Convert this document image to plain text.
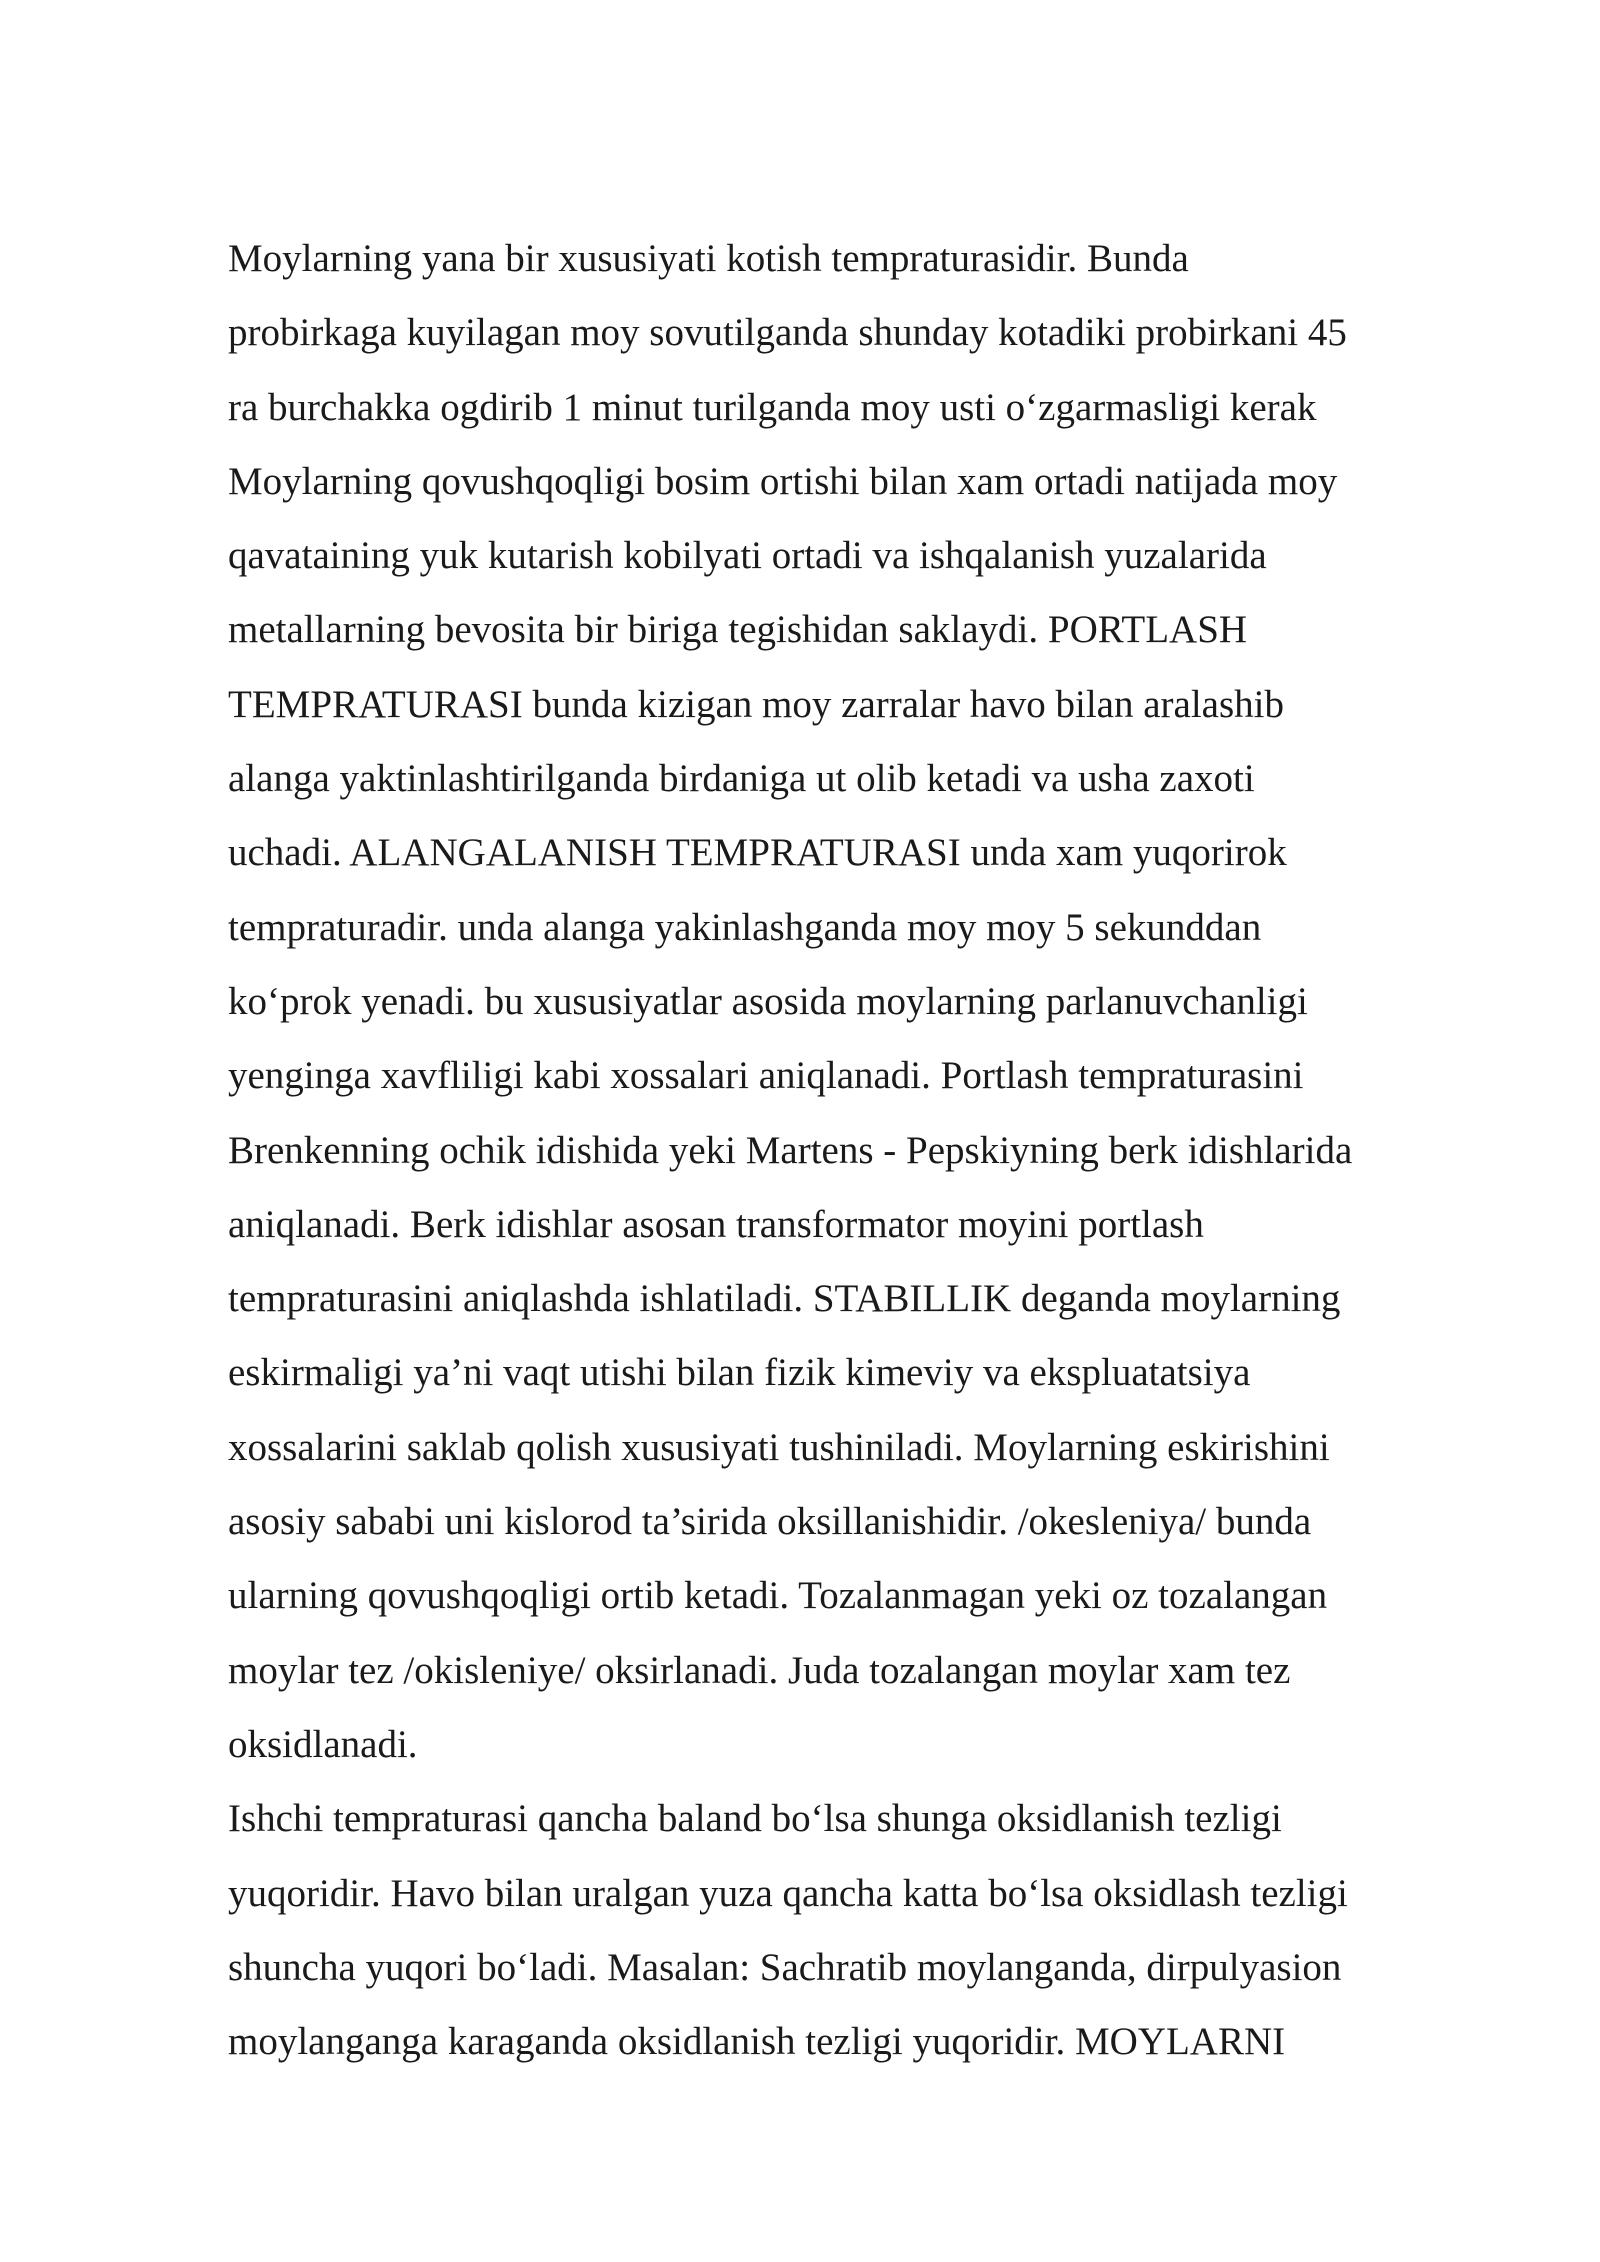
Moylarning yana bir xususiyati kotish tempraturasidir. Bunda
probirkaga kuyilagan moy sovutilganda shunday kotadiki probirkani 45
ra burchakka ogdirib 1 minut turilganda moy usti o‘zgarmasligi kerak
Moylarning qovushqoqligi bosim ortishi bilan xam ortadi natijada moy
qavataining yuk kutarish kobilyati ortadi va ishqalanish yuzalarida
metallarning bevosita bir biriga tegishidan saklaydi. PORTLASH
TEMPRATURASI bunda kizigan moy zarralar havo bilan aralashib
alanga yaktinlashtirilganda birdaniga ut olib ketadi va usha zaxoti
uchadi. ALANGALANISH TEMPRATURASI unda xam yuqorirok
tempraturadir. unda alanga yakinlashganda moy moy 5 sekunddan
ko‘prok yenadi. bu xususiyatlar asosida moylarning parlanuvchanligi
yenginga xavfliligi kabi xossalari aniqlanadi. Portlash tempraturasini
Brenkenning ochik idishida yeki Martens - Pepskiyning berk idishlarida
aniqlanadi. Berk idishlar asosan transformator moyini portlash
tempraturasini aniqlashda ishlatiladi. STABILLIK deganda moylarning
eskirmaligi ya’ni vaqt utishi bilan fizik kimeviy va ekspluatatsiya
xossalarini saklab qolish xususiyati tushiniladi. Moylarning eskirishini
asosiy sababi uni kislorod ta’sirida oksillanishidir. /okesleniya/ bunda
ularning qovushqoqligi ortib ketadi. Tozalanmagan yeki oz tozalangan
moylar tez /okisleniye/ oksirlanadi. Juda tozalangan moylar xam tez
oksidlanadi.
Ishchi tempraturasi qancha baland bo‘lsa shunga oksidlanish tezligi
yuqoridir. Havo bilan uralgan yuza qancha katta bo‘lsa oksidlash tezligi
shuncha yuqori bo‘ladi. Masalan: Sachratib moylanganda, dirpulyasion
moylanganga karaganda oksidlanish tezligi yuqoridir. MOYLARNI
